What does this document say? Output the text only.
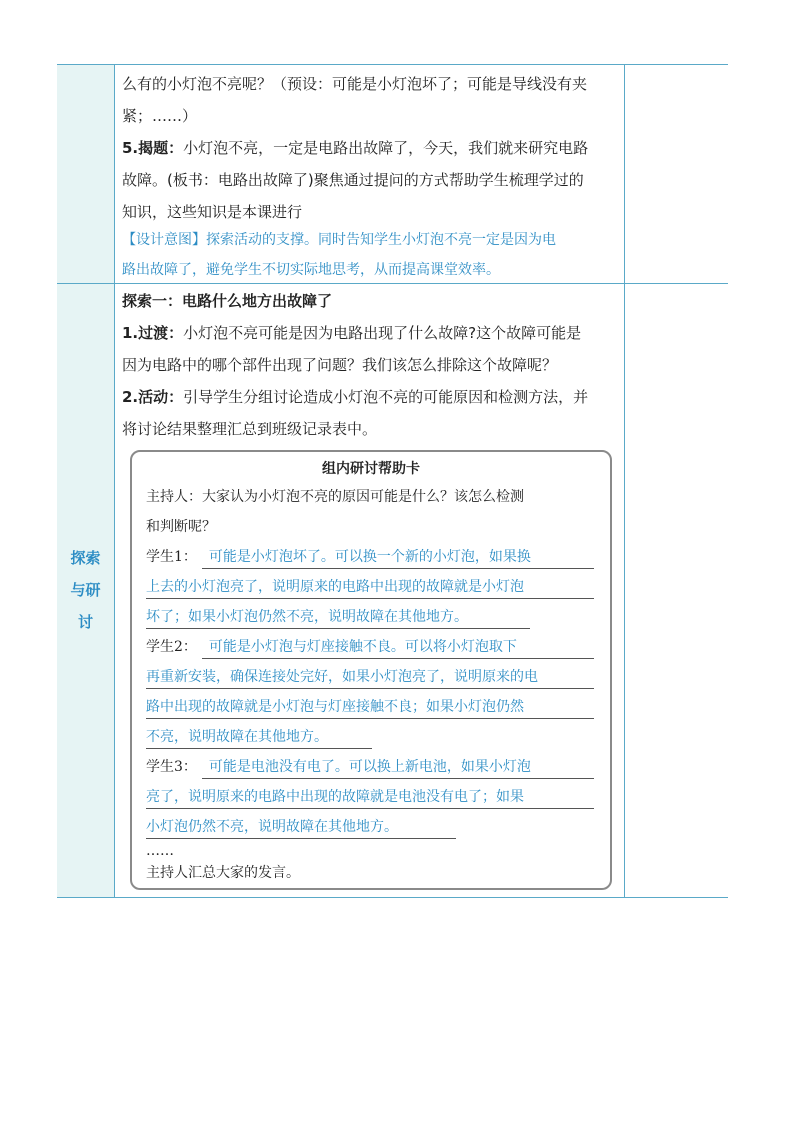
么有的小灯泡不亮呢？（预设：可能是小灯泡坏了；可能是导线没有夹
紧；……）
5.揭题：小灯泡不亮，一定是电路出故障了，今天，我们就来研究电路
故障。(板书：电路出故障了)聚焦通过提问的方式帮助学生梳理学过的
知识，这些知识是本课进行
【设计意图】探索活动的支撑。同时告知学生小灯泡不亮一定是因为电
路出故障了，避免学生不切实际地思考，从而提高课堂效率。
探索
与研
讨
探索一：电路什么地方出故障了
1.过渡：小灯泡不亮可能是因为电路出现了什么故障?这个故障可能是
因为电路中的哪个部件出现了问题？我们该怎么排除这个故障呢？
2.活动：引导学生分组讨论造成小灯泡不亮的可能原因和检测方法，并
将讨论结果整理汇总到班级记录表中。
组内研讨帮助卡
主持人：大家认为小灯泡不亮的原因可能是什么？该怎么检测
和判断呢？
学生1： 可能是小灯泡坏了。可以换一个新的小灯泡，如果换
上去的小灯泡亮了，说明原来的电路中出现的故障就是小灯泡
坏了；如果小灯泡仍然不亮，说明故障在其他地方。
学生2： 可能是小灯泡与灯座接触不良。可以将小灯泡取下
再重新安装，确保连接处完好，如果小灯泡亮了，说明原来的电
路中出现的故障就是小灯泡与灯座接触不良；如果小灯泡仍然
不亮，说明故障在其他地方。
学生3： 可能是电池没有电了。可以换上新电池，如果小灯泡
亮了，说明原来的电路中出现的故障就是电池没有电了；如果
小灯泡仍然不亮，说明故障在其他地方。
……
主持人汇总大家的发言。
